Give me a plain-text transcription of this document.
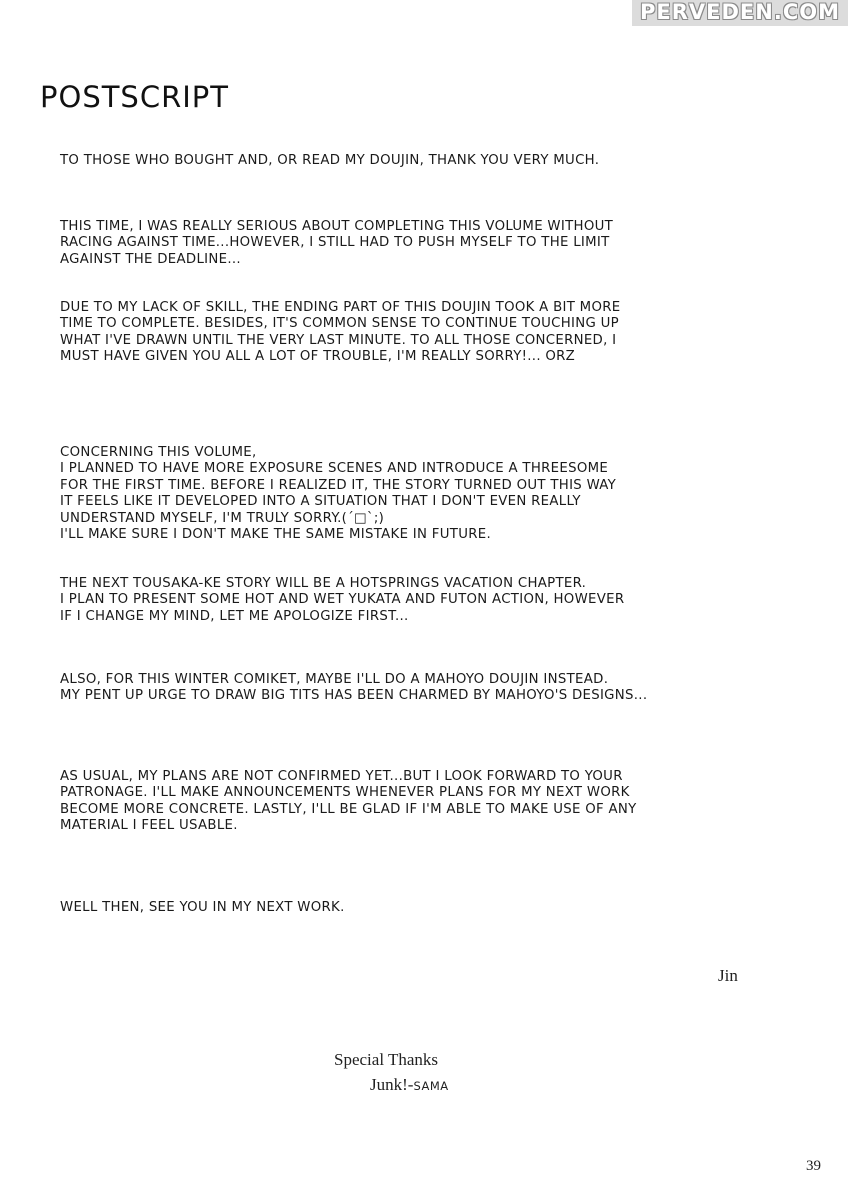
PERVEDEN.COM
POSTSCRIPT
TO THOSE WHO BOUGHT AND, OR READ MY DOUJIN, THANK YOU VERY MUCH.
THIS TIME, I WAS REALLY SERIOUS ABOUT COMPLETING THIS VOLUME WITHOUT
RACING AGAINST TIME...HOWEVER, I STILL HAD TO PUSH MYSELF TO THE LIMIT
AGAINST THE DEADLINE...
DUE TO MY LACK OF SKILL, THE ENDING PART OF THIS DOUJIN TOOK A BIT MORE
TIME TO COMPLETE. BESIDES, IT'S COMMON SENSE TO CONTINUE TOUCHING UP
WHAT I'VE DRAWN UNTIL THE VERY LAST MINUTE. TO ALL THOSE CONCERNED, I
MUST HAVE GIVEN YOU ALL A LOT OF TROUBLE, I'M REALLY SORRY!... ORZ
CONCERNING THIS VOLUME,
I PLANNED TO HAVE MORE EXPOSURE SCENES AND INTRODUCE A THREESOME
FOR THE FIRST TIME. BEFORE I REALIZED IT, THE STORY TURNED OUT THIS WAY
IT FEELS LIKE IT DEVELOPED INTO A SITUATION THAT I DON'T EVEN REALLY
UNDERSTAND MYSELF, I'M TRULY SORRY.(´□`;)
I'LL MAKE SURE I DON'T MAKE THE SAME MISTAKE IN FUTURE.
THE NEXT TOUSAKA-KE STORY WILL BE A HOTSPRINGS VACATION CHAPTER.
I PLAN TO PRESENT SOME HOT AND WET YUKATA AND FUTON ACTION, HOWEVER
IF I CHANGE MY MIND, LET ME APOLOGIZE FIRST...
ALSO, FOR THIS WINTER COMIKET, MAYBE I'LL DO A MAHOYO DOUJIN INSTEAD.
MY PENT UP URGE TO DRAW BIG TITS HAS BEEN CHARMED BY MAHOYO'S DESIGNS...
AS USUAL, MY PLANS ARE NOT CONFIRMED YET...BUT I LOOK FORWARD TO YOUR
PATRONAGE. I'LL MAKE ANNOUNCEMENTS WHENEVER PLANS FOR MY NEXT WORK
BECOME MORE CONCRETE. LASTLY, I'LL BE GLAD IF I'M ABLE TO MAKE USE OF ANY
MATERIAL I FEEL USABLE.
WELL THEN, SEE YOU IN MY NEXT WORK.
Jin
Special Thanks
Junk!-SAMA
39
